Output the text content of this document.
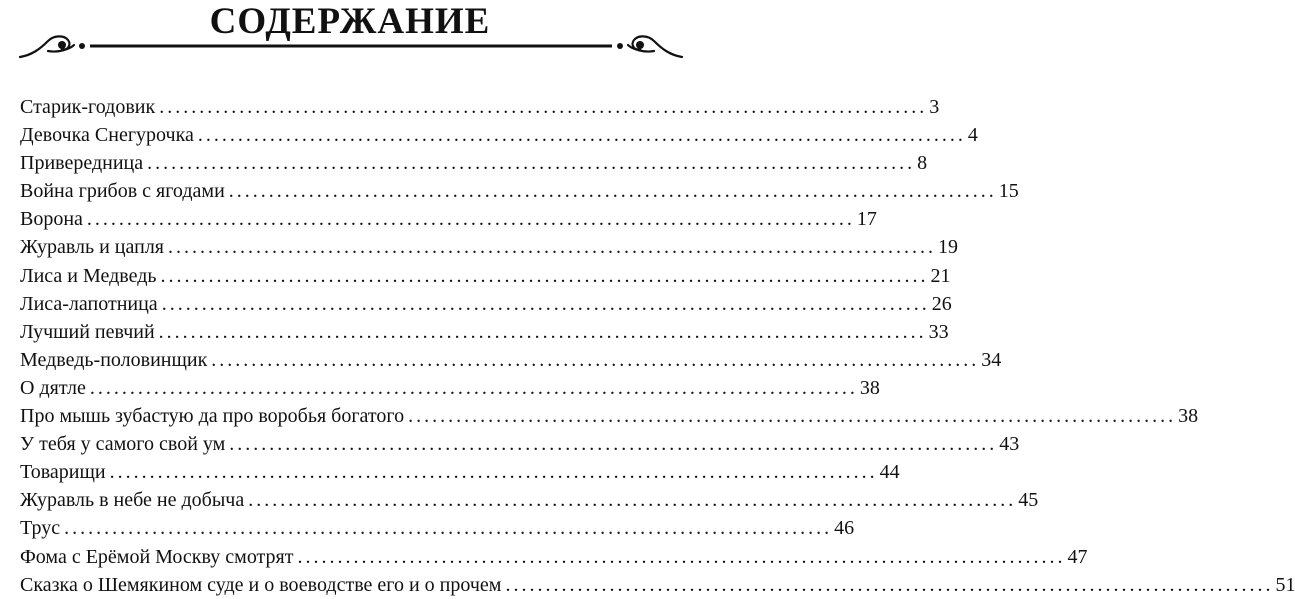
СОДЕРЖАНИЕ
Старик-годовик ................................................................................................ 3
Девочка Снегурочка ................................................................................................ 4
Привередница ................................................................................................ 8
Война грибов с ягодами ................................................................................................ 15
Ворона ................................................................................................ 17
Журавль и цапля ................................................................................................ 19
Лиса и Медведь ................................................................................................ 21
Лиса-лапотница ................................................................................................ 26
Лучший певчий ................................................................................................ 33
Медведь-половинщик ................................................................................................ 34
О дятле ................................................................................................ 38
Про мышь зубастую да про воробья богатого ................................................................................................ 38
У тебя у самого свой ум ................................................................................................ 43
Товарищи ................................................................................................ 44
Журавль в небе не добыча ................................................................................................ 45
Трус ................................................................................................ 46
Фома с Ерёмой Москву смотрят ................................................................................................ 47
Сказка о Шемякином суде и о воеводстве его и о прочем ................................................................................................ 51
